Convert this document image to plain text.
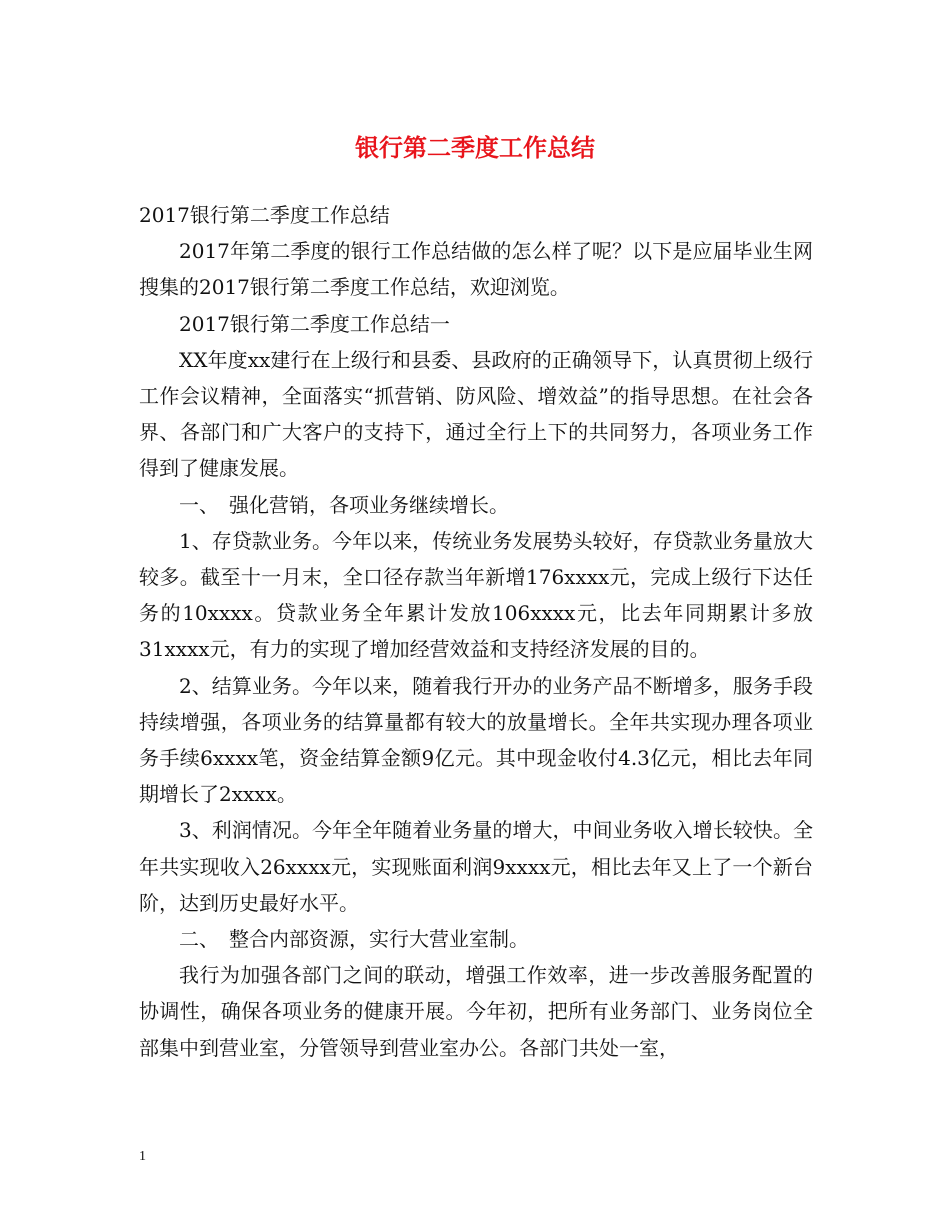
银行第二季度工作总结

2017银行第二季度工作总结

2017年第二季度的银行工作总结做的怎么样了呢？以下是应届毕业生网搜集的2017银行第二季度工作总结，欢迎浏览。

2017银行第二季度工作总结一

XX年度xx建行在上级行和县委、县政府的正确领导下，认真贯彻上级行工作会议精神，全面落实“抓营销、防风险、增效益”的指导思想。在社会各界、各部门和广大客户的支持下，通过全行上下的共同努力，各项业务工作得到了健康发展。

一、　强化营销，各项业务继续增长。

1、存贷款业务。今年以来，传统业务发展势头较好，存贷款业务量放大较多。截至十一月末，全口径存款当年新增176xxxx元，完成上级行下达任务的10xxxx。贷款业务全年累计发放106xxxx元，比去年同期累计多放31xxxx元，有力的实现了增加经营效益和支持经济发展的目的。

2、结算业务。今年以来，随着我行开办的业务产品不断增多，服务手段持续增强，各项业务的结算量都有较大的放量增长。全年共实现办理各项业务手续6xxxx笔，资金结算金额9亿元。其中现金收付4.3亿元，相比去年同期增长了2xxxx。

3、利润情况。今年全年随着业务量的增大，中间业务收入增长较快。全年共实现收入26xxxx元，实现账面利润9xxxx元，相比去年又上了一个新台阶，达到历史最好水平。

二、　整合内部资源，实行大营业室制。

我行为加强各部门之间的联动，增强工作效率，进一步改善服务配置的协调性，确保各项业务的健康开展。今年初，把所有业务部门、业务岗位全部集中到营业室，分管领导到营业室办公。各部门共处一室，

1
